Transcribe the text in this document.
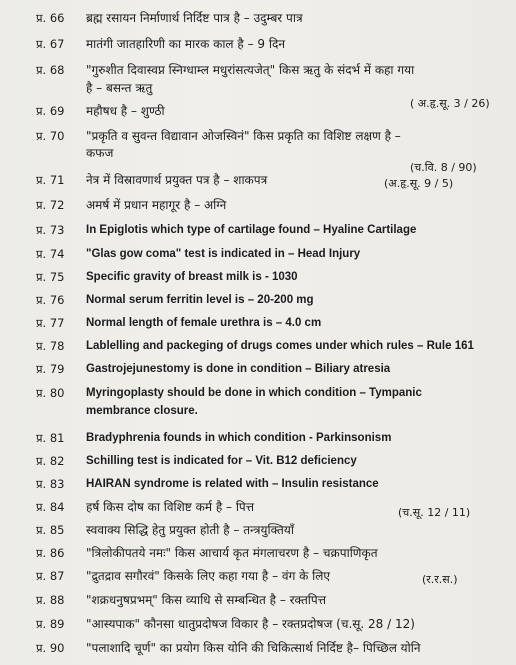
प्र. 66	ब्रह्म रसायन निर्माणार्थ निर्दिष्ट पात्र है – उदुम्बर पात्र
प्र. 67	मातंगी जातहारिणी का मारक काल है – 9 दिन
प्र. 68	"गुरुशीत दिवास्वप्न स्निग्धाम्ल मधुरांसत्यजेत्" किस ऋतु के संदर्भ में कहा गया
है – बसन्त ऋतु
( अ.हृ.सू. 3 / 26)
प्र. 69	महौषध है – शुण्ठी
प्र. 70	"प्रकृति व सुवन्त विद्यावान ओजस्विनं" किस प्रकृति का विशिष्ट लक्षण है –
कफज
(च.वि. 8 / 90)
प्र. 71	नेत्र में विस्रावणार्थ प्रयुक्त पत्र है – शाकपत्र	(अ.हृ.सू. 9 / 5)
प्र. 72	अमर्ष में प्रधान महागूर है – अग्नि
प्र. 73	In Epiglotis which type of cartilage found – Hyaline Cartilage
प्र. 74	"Glas gow coma" test is indicated in – Head Injury
प्र. 75	Specific gravity of breast milk is - 1030
प्र. 76	Normal serum ferritin level is – 20-200 mg
प्र. 77	Normal length of female urethra is – 4.0 cm
प्र. 78	Lablelling and packeging of drugs comes under which rules – Rule 161
प्र. 79	Gastrojejunestomy is done in condition – Biliary atresia
प्र. 80	Myringoplasty should be done in which condition – Tympanic
membrance closure.
प्र. 81	Bradyphrenia founds in which condition - Parkinsonism
प्र. 82	Schilling test is indicated for – Vit. B12 deficiency
प्र. 83	HAIRAN syndrome is related with – Insulin resistance
प्र. 84	हर्ष किस दोष का विशिष्ट कर्म है – पित्त	(च.सू. 12 / 11)
प्र. 85	स्ववाक्य सिद्धि हेतु प्रयुक्त होती है – तन्त्रयुक्तियाँ
प्र. 86	"त्रिलोकीपतये नमः" किस आचार्य कृत मंगलाचरण है – चक्रपाणिकृत
प्र. 87	"द्रुतद्राव सगौरवं" किसके लिए कहा गया है – वंग के लिए	(र.र.स.)
प्र. 88	"शक्रधनुषप्रभम्" किस व्याधि से सम्बन्धित है – रक्तपित्त
प्र. 89	"आस्यपाक" कौनसा धातुप्रदोषज विकार है – रक्तप्रदोषज (च.सू. 28 / 12)
प्र. 90	"पलाशादि चूर्ण" का प्रयोग किस योनि की चिकित्सार्थ निर्दिष्ट है– पिच्छिल योनि
